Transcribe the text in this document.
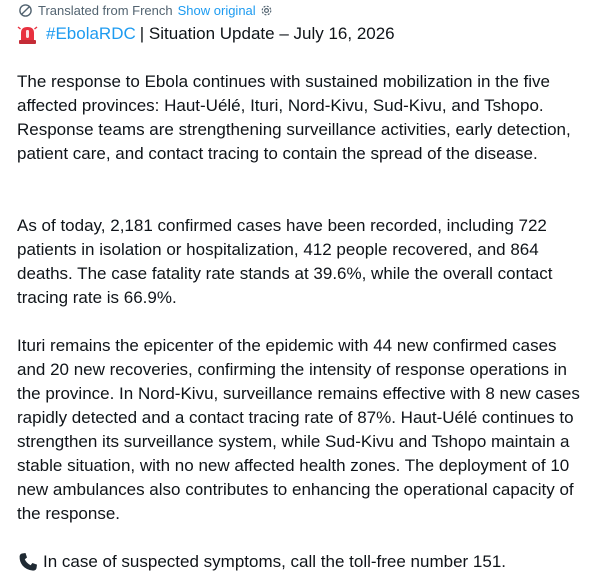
Translated from French Show original
#EbolaRDC | Situation Update – July 16, 2026

The response to Ebola continues with sustained mobilization in the five affected provinces: Haut-Uélé, Ituri, Nord-Kivu, Sud-Kivu, and Tshopo. Response teams are strengthening surveillance activities, early detection, patient care, and contact tracing to contain the spread of the disease.

As of today, 2,181 confirmed cases have been recorded, including 722 patients in isolation or hospitalization, 412 people recovered, and 864 deaths. The case fatality rate stands at 39.6%, while the overall contact tracing rate is 66.9%.

Ituri remains the epicenter of the epidemic with 44 new confirmed cases and 20 new recoveries, confirming the intensity of response operations in the province. In Nord-Kivu, surveillance remains effective with 8 new cases rapidly detected and a contact tracing rate of 87%. Haut-Uélé continues to strengthen its surveillance system, while Sud-Kivu and Tshopo maintain a stable situation, with no new affected health zones. The deployment of 10 new ambulances also contributes to enhancing the operational capacity of the response.

In case of suspected symptoms, call the toll-free number 151.
